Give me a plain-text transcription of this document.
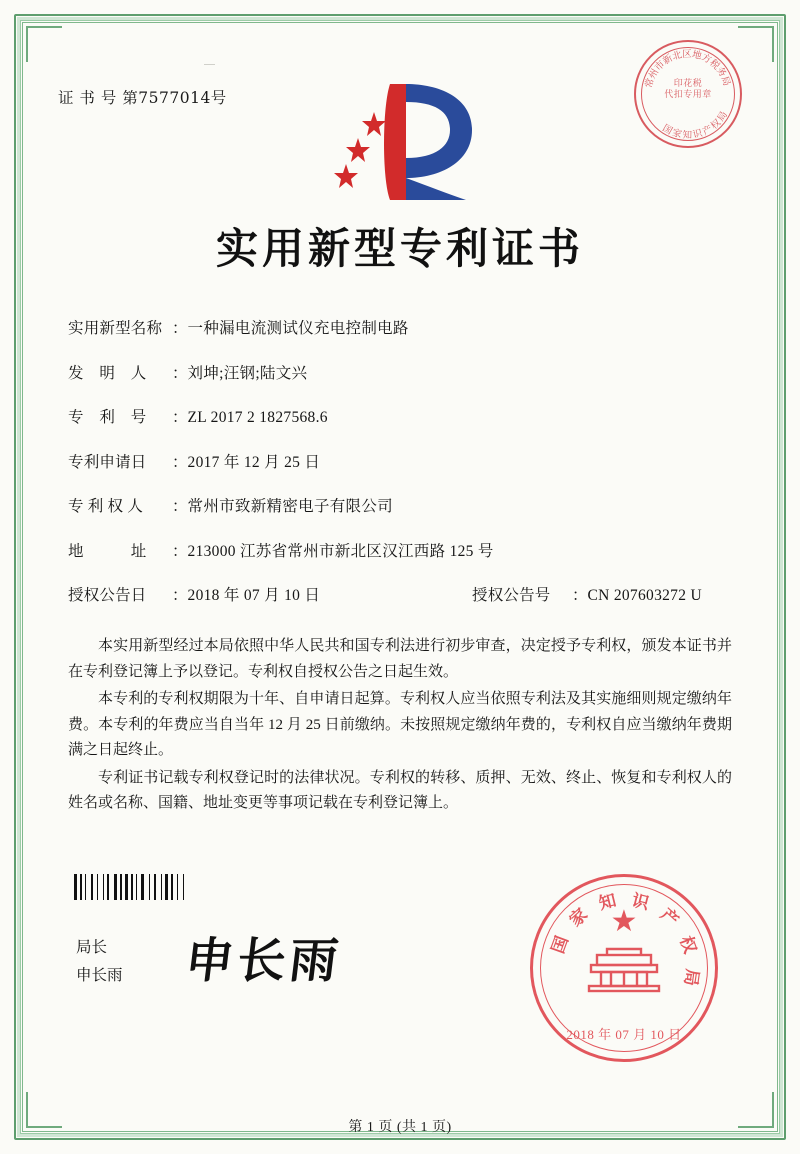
￣
证 书 号 第7577014号
常
州
市
新
北
区 地
方
税
务
局
国
家 知 识
产
权
局
印花税
代扣专用章
实用新型专利证书
实用新型名称 ： 一种漏电流测试仪充电控制电路
发　明　人	： 刘坤;汪钢;陆文兴
专　利　号	： ZL 2017 2 1827568.6
专利申请日	： 2017 年 12 月 25 日
专 利 权 人	： 常州市致新精密电子有限公司
地　　　址	： 213000 江苏省常州市新北区汉江西路 125 号
授权公告日	： 2018 年 07 月 10 日	授权公告号	： CN 207603272 U

本实用新型经过本局依照中华人民共和国专利法进行初步审查，决定授予专利权，颁发本证书并在专利登记簿上予以登记。专利权自授权公告之日起生效。

本专利的专利权期限为十年、自申请日起算。专利权人应当依照专利法及其实施细则规定缴纳年费。本专利的年费应当自当年 12 月 25 日前缴纳。未按照规定缴纳年费的，专利权自应当缴纳年费期满之日起终止。

专利证书记载专利权登记时的法律状况。专利权的转移、质押、无效、终止、恢复和专利权人的姓名或名称、国籍、地址变更等事项记载在专利登记簿上。

局长
申长雨 申长雨	国
家
知 识
产
权
局
★
2018 年 07 月 10 日
第 1 页 (共 1 页)
